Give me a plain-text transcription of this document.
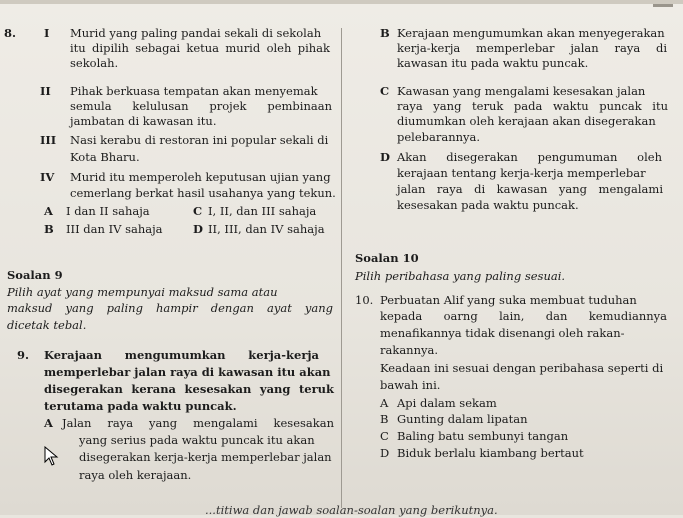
8. I Murid yang paling pandai sekali di sekolah
itu dipilih sebagai ketua murid oleh pihak
sekolah.
II Pihak berkuasa tempatan akan menyemak
semula kelulusan projek pembinaan
jambatan di kawasan itu.
III Nasi kerabu di restoran ini popular sekali di
Kota Bharu.
IV Murid itu memperoleh keputusan ujian yang
cemerlang berkat hasil usahanya yang tekun.
A I dan II sahaja	C I, II, dan III sahaja
B III dan IV sahaja	D II, III, dan IV sahaja
Soalan 9
Pilih ayat yang mempunyai maksud sama atau
maksud yang paling hampir dengan ayat yang
dicetak tebal.
9. Kerajaan mengumumkan kerja-kerja
memperlebar jalan raya di kawasan itu akan
disegerakan kerana kesesakan yang teruk
terutama pada waktu puncak.
A Jalan raya yang mengalami kesesakan
yang serius pada waktu puncak itu akan
disegerakan kerja-kerja memperlebar jalan
raya oleh kerajaan.
B Kerajaan mengumumkan akan menyegerakan
kerja-kerja memperlebar jalan raya di
kawasan itu pada waktu puncak.
C Kawasan yang mengalami kesesakan jalan
raya yang teruk pada waktu puncak itu
diumumkan oleh kerajaan akan disegerakan
pelebarannya.
D Akan disegerakan pengumuman oleh
kerajaan tentang kerja-kerja memperlebar
jalan raya di kawasan yang mengalami
kesesakan pada waktu puncak.
Soalan 10
Pilih peribahasa yang paling sesuai.
10. Perbuatan Alif yang suka membuat tuduhan
kepada oarng lain, dan kemudiannya
menafikannya tidak disenangi oleh rakan-
rakannya.
Keadaan ini sesuai dengan peribahasa seperti di
bawah ini.
A Api dalam sekam
B Gunting dalam lipatan
C Baling batu sembunyi tangan
D Biduk berlalu kiambang bertaut
...titiwa dan jawab soalan-soalan yang berikutnya.
